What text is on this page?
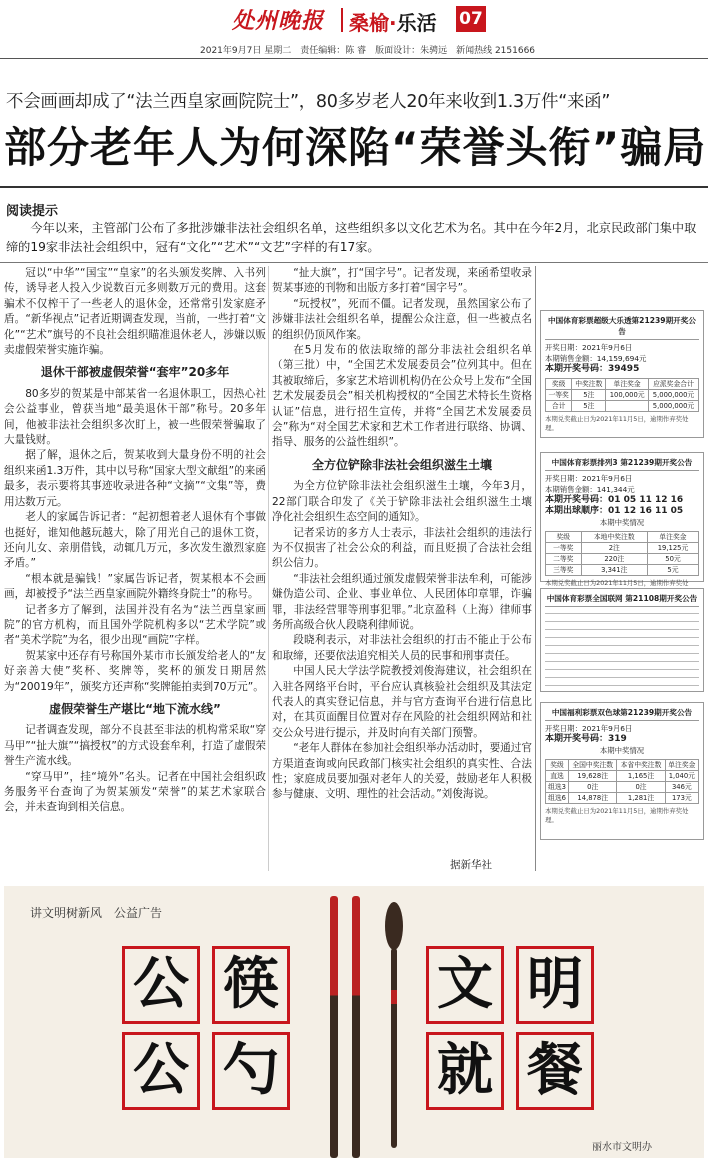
处州晚报 桑榆·乐活 07
2021年9月7日 星期二　责任编辑：陈 睿　版面设计：朱骋远　新闻热线 2151666
不会画画却成了“法兰西皇家画院院士”，80多岁老人20年来收到1.3万件“来函”
部分老年人为何深陷“荣誉头衔”骗局
阅读提示
今年以来，主管部门公布了多批涉嫌非法社会组织名单，这些组织多以文化艺术为名。其中在今年2月，北京民政部门集中取缔的19家非法社会组织中，冠有“文化”“艺术”“文艺”字样的有17家。

冠以“中华”“国宝”“皇家”的名头颁发奖牌、入书列传，诱导老人投入少说数百元多则数万元的费用。这套骗术不仅榨干了一些老人的退休金，还常常引发家庭矛盾。“新华视点”记者近期调查发现，当前，一些打着“文化”“艺术”旗号的不良社会组织瞄准退休老人，涉嫌以贩卖虚假荣誉实施诈骗。

退休干部被虚假荣誉“套牢”20多年

80多岁的贺某是中部某省一名退休职工，因热心社会公益事业，曾获当地“最美退休干部”称号。20多年间，他被非法社会组织多次盯上，被一些假荣誉骗取了大量钱财。

据了解，退休之后，贺某收到大量身份不明的社会组织来函1.3万件，其中以号称“国家大型文献组”的来函最多，表示要将其事迹收录进各种“文摘”“文集”等，费用达数万元。

老人的家属告诉记者：“起初想着老人退休有个事做也挺好，谁知他越玩越大，除了用光自己的退休工资，还向儿女、亲朋借钱，动辄几万元，多次发生激烈家庭矛盾。”

“根本就是骗钱！”家属告诉记者，贺某根本不会画画，却被授予“法兰西皇家画院外籍终身院士”的称号。

记者多方了解到，法国并没有名为“法兰西皇家画院”的官方机构，而且国外学院机构多以“艺术学院”或者“美术学院”为名，很少出现“画院”字样。

贺某家中还存有号称国外某市市长颁发给老人的“友好亲善大使”奖杯、奖牌等，奖杯的颁发日期居然为“20019年”，颁奖方还声称“奖牌能拍卖到70万元”。

虚假荣誉生产堪比“地下流水线”

记者调查发现，部分不良甚至非法的机构常采取“穿马甲”“扯大旗”“搞授权”的方式设套牟利，打造了虚假荣誉生产流水线。

“穿马甲”，挂“境外”名头。记者在中国社会组织政务服务平台查询了为贺某颁发“荣誉”的某艺术家联合会，并未查询到相关信息。

“扯大旗”，打“国字号”。记者发现，来函希望收录贺某事迹的刊物和出版方多打着“国字号”。

“玩授权”，死而不僵。记者发现，虽然国家公布了涉嫌非法社会组织名单，提醒公众注意，但一些被点名的组织仍顶风作案。

在5月发布的依法取缔的部分非法社会组织名单（第三批）中，“全国艺术发展委员会”位列其中。但在其被取缔后，多家艺术培训机构仍在公众号上发布“全国艺术发展委员会”相关机构授权的“全国艺术特长生资格认证”信息，进行招生宣传，并将“全国艺术发展委员会”称为“对全国艺术家和艺术工作者进行联络、协调、指导、服务的公益性组织”。

全方位铲除非法社会组织滋生土壤

为全方位铲除非法社会组织滋生土壤，今年3月，22部门联合印发了《关于铲除非法社会组织滋生土壤 净化社会组织生态空间的通知》。

记者采访的多方人士表示，非法社会组织的违法行为不仅损害了社会公众的利益，而且贬损了合法社会组织公信力。

“非法社会组织通过颁发虚假荣誉非法牟利，可能涉嫌伪造公司、企业、事业单位、人民团体印章罪，诈骗罪，非法经营罪等刑事犯罪。”北京盈科（上海）律师事务所高级合伙人段晓利律师说。

段晓利表示，对非法社会组织的打击不能止于公布和取缔，还要依法追究相关人员的民事和刑事责任。

中国人民大学法学院教授刘俊海建议，社会组织在入驻各网络平台时，平台应认真核验社会组织及其法定代表人的真实登记信息，并与官方查询平台进行信息比对，在其页面醒目位置对存在风险的社会组织网站和社交公众号进行提示，并及时向有关部门预警。

“老年人群体在参加社会组织举办活动时，要通过官方渠道查询或向民政部门核实社会组织的真实性、合法性；家庭成员要加强对老年人的关爱，鼓励老年人积极参与健康、文明、理性的社会活动。”刘俊海说。

据新华社
中国体育彩票超级大乐透第21239期开奖公告
开奖日期：2021年9月6日
本期销售金额：14,159,694元
本期开奖号码：39495
奖级	中奖注数	单注奖金	应派奖金合计
一等奖	5注	100,000元	5,000,000元
合计	5注		5,000,000元
本期兑奖截止日为2021年11月5日，逾期作弃奖处理。
中国体育彩票排列3 第21239期开奖公告
开奖日期：2021年9月6日
本期销售金额：141,344元
本期开奖号码：01 05 11 12 16
本期出球顺序：01 12 16 11 05
本期中奖情况
奖级	本地中奖注数	单注奖金
一等奖	2注	19,125元
二等奖	220注	50元
三等奖	3,341注	5元
本期兑奖截止日为2021年11月5日，逾期作弃奖处
中国体育彩票全国联网 第21108期开奖公告
中国福利彩票双色球第21239期开奖公告
开奖日期：2021年9月6日
本期开奖号码：319
本期中奖情况
奖级	全国中奖注数	本省中奖注数	单注奖金
直选	19,628注	1,165注	1,040元
组选3	0注	0注	346元
组选6	14,878注	1,281注	173元
本期兑奖截止日为2021年11月5日，逾期作弃奖处理。
讲文明树新风　公益广告
公 筷
公 勺
文 明
就 餐
丽水市文明办
